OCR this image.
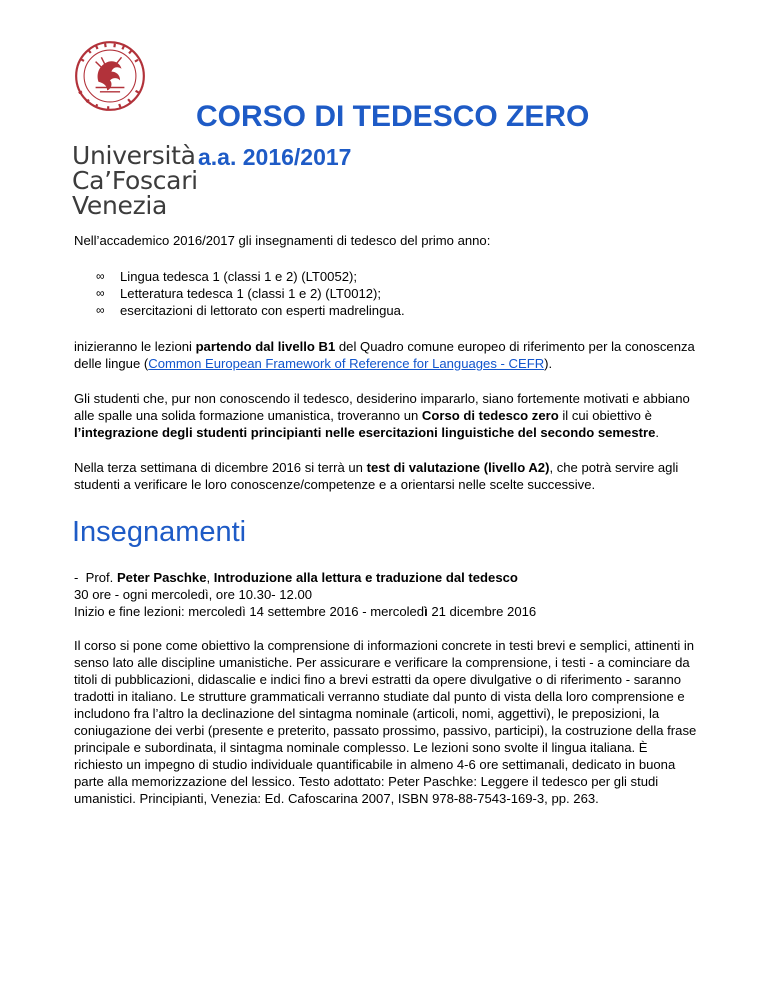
Università
Ca’Foscari
Venezia
CORSO DI TEDESCO ZERO
a.a. 2016/2017

Nell’accademico 2016/2017 gli insegnamenti di tedesco del primo anno:

∞ Lingua tedesca 1 (classi 1 e 2) (LT0052);
∞ Letteratura tedesca 1 (classi 1 e 2) (LT0012);
∞ esercitazioni di lettorato con esperti madrelingua.

inizieranno le lezioni partendo dal livello B1 del Quadro comune europeo di riferimento per la conoscenza delle lingue (Common European Framework of Reference for Languages - CEFR).

Gli studenti che, pur non conoscendo il tedesco, desiderino impararlo, siano fortemente motivati e abbiano alle spalle una solida formazione umanistica, troveranno un Corso di tedesco zero il cui obiettivo è l’integrazione degli studenti principianti nelle esercitazioni linguistiche del secondo semestre.

Nella terza settimana di dicembre 2016 si terrà un test di valutazione (livello A2), che potrà servire agli studenti a verificare le loro conoscenze/competenze e a orientarsi nelle scelte successive.

Insegnamenti

- Prof. Peter Paschke, Introduzione alla lettura e traduzione dal tedesco

30 ore - ogni mercoledì, ore 10.30- 12.00

Inizio e fine lezioni: mercoledì 14 settembre 2016 - mercoledì 21 dicembre 2016

Il corso si pone come obiettivo la comprensione di informazioni concrete in testi brevi e semplici, attinenti in senso lato alle discipline umanistiche. Per assicurare e verificare la comprensione, i testi - a cominciare da titoli di pubblicazioni, didascalie e indici fino a brevi estratti da opere divulgative o di riferimento - saranno tradotti in italiano. Le strutture grammaticali verranno studiate dal punto di vista della loro comprensione e includono fra l’altro la declinazione del sintagma nominale (articoli, nomi, aggettivi), le preposizioni, la coniugazione dei verbi (presente e preterito, passato prossimo, passivo, participi), la costruzione della frase principale e subordinata, il sintagma nominale complesso. Le lezioni sono svolte il lingua italiana. È richiesto un impegno di studio individuale quantificabile in almeno 4-6 ore settimanali, dedicato in buona parte alla memorizzazione del lessico. Testo adottato: Peter Paschke: Leggere il tedesco per gli studi umanistici. Principianti, Venezia: Ed. Cafoscarina 2007, ISBN 978-88-7543-169-3, pp. 263.
